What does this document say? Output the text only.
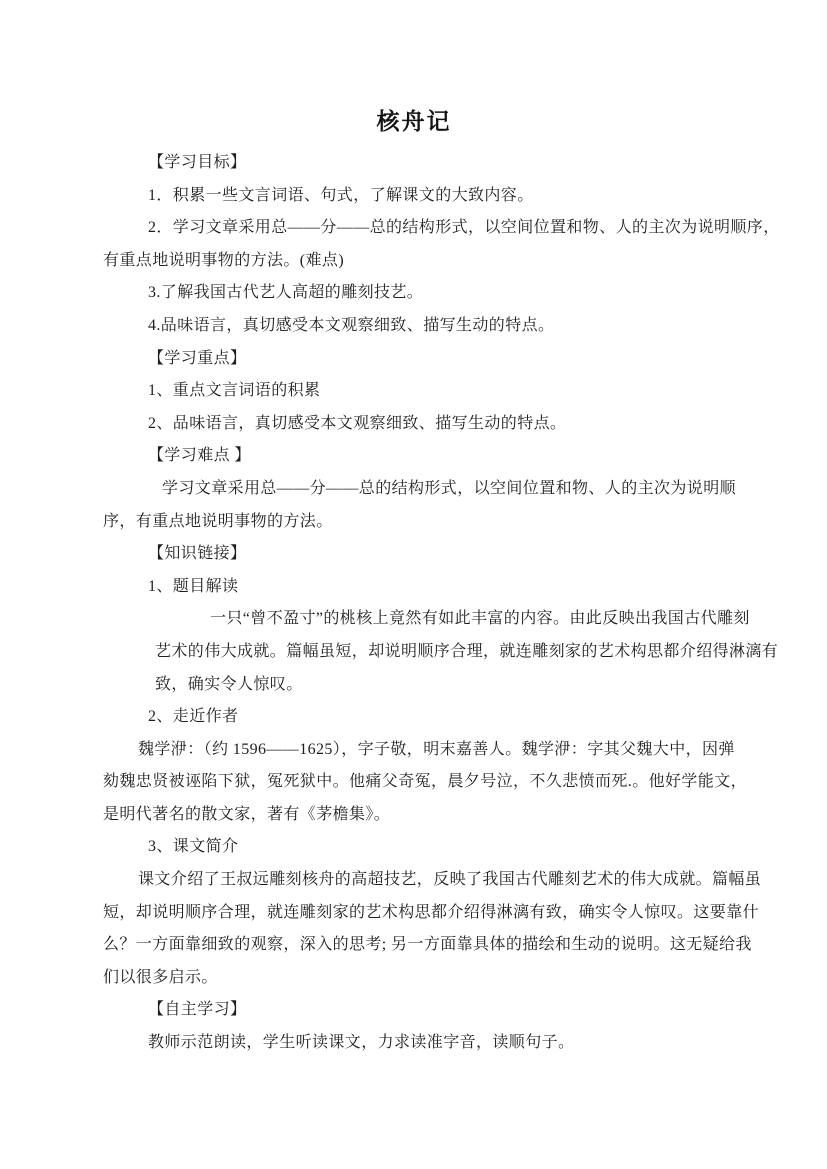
核舟记
【学习目标】
1．积累一些文言词语、句式，了解课文的大致内容。
2．学习文章采用总——分——总的结构形式，以空间位置和物、人的主次为说明顺序，
有重点地说明事物的方法。(难点)
3.了解我国古代艺人高超的雕刻技艺。
4.品味语言，真切感受本文观察细致、描写生动的特点。
【学习重点】
1、重点文言词语的积累
2、品味语言，真切感受本文观察细致、描写生动的特点。
【学习难点 】
学习文章采用总——分——总的结构形式，以空间位置和物、人的主次为说明顺
序，有重点地说明事物的方法。
【知识链接】
1、题目解读
一只“曾不盈寸”的桃核上竟然有如此丰富的内容。由此反映出我国古代雕刻
艺术的伟大成就。篇幅虽短，却说明顺序合理，就连雕刻家的艺术构思都介绍得淋漓有
致，确实令人惊叹。
2、走近作者
魏学洢：（约 1596——1625），字子敬，明末嘉善人。魏学洢：字其父魏大中，因弹
劾魏忠贤被诬陷下狱，冤死狱中。他痛父奇冤，晨夕号泣，不久悲愤而死.。他好学能文，
是明代著名的散文家，著有《茅檐集》。
3、课文简介
课文介绍了王叔远雕刻核舟的高超技艺，反映了我国古代雕刻艺术的伟大成就。篇幅虽
短，却说明顺序合理，就连雕刻家的艺术构思都介绍得淋漓有致，确实令人惊叹。这要靠什
么？一方面靠细致的观察，深入的思考; 另一方面靠具体的描绘和生动的说明。这无疑给我
们以很多启示。
【自主学习】
教师示范朗读，学生听读课文，力求读准字音，读顺句子。
